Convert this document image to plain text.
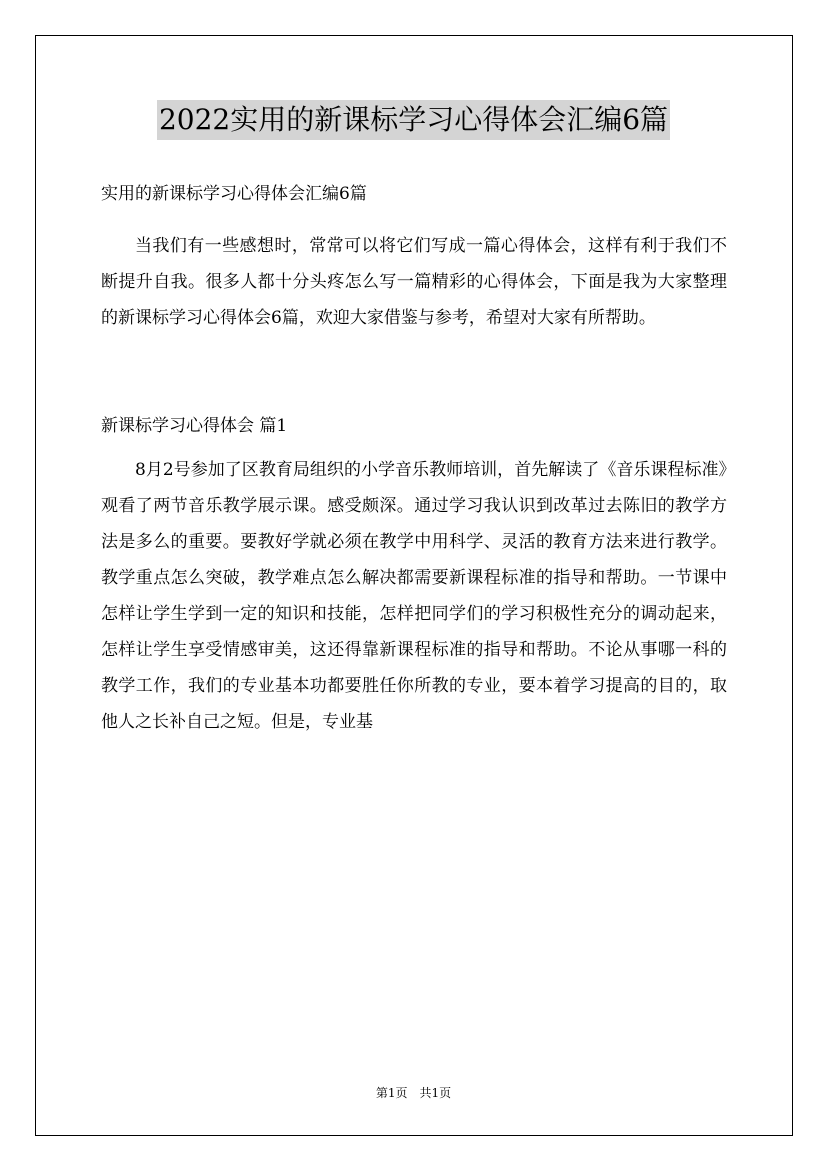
2022实用的新课标学习心得体会汇编6篇

实用的新课标学习心得体会汇编6篇

当我们有一些感想时，常常可以将它们写成一篇心得体会，这样有利于我们不断提升自我。很多人都十分头疼怎么写一篇精彩的心得体会，下面是我为大家整理的新课标学习心得体会6篇，欢迎大家借鉴与参考，希望对大家有所帮助。

新课标学习心得体会 篇1

8月2号参加了区教育局组织的小学音乐教师培训，首先解读了《音乐课程标准》观看了两节音乐教学展示课。感受颇深。通过学习我认识到改革过去陈旧的教学方法是多么的重要。要教好学就必须在教学中用科学、灵活的教育方法来进行教学。教学重点怎么突破，教学难点怎么解决都需要新课程标准的指导和帮助。一节课中怎样让学生学到一定的知识和技能，怎样把同学们的学习积极性充分的调动起来，怎样让学生享受情感审美，这还得靠新课程标准的指导和帮助。不论从事哪一科的教学工作，我们的专业基本功都要胜任你所教的专业，要本着学习提高的目的，取他人之长补自己之短。但是，专业基

第1页　共1页
